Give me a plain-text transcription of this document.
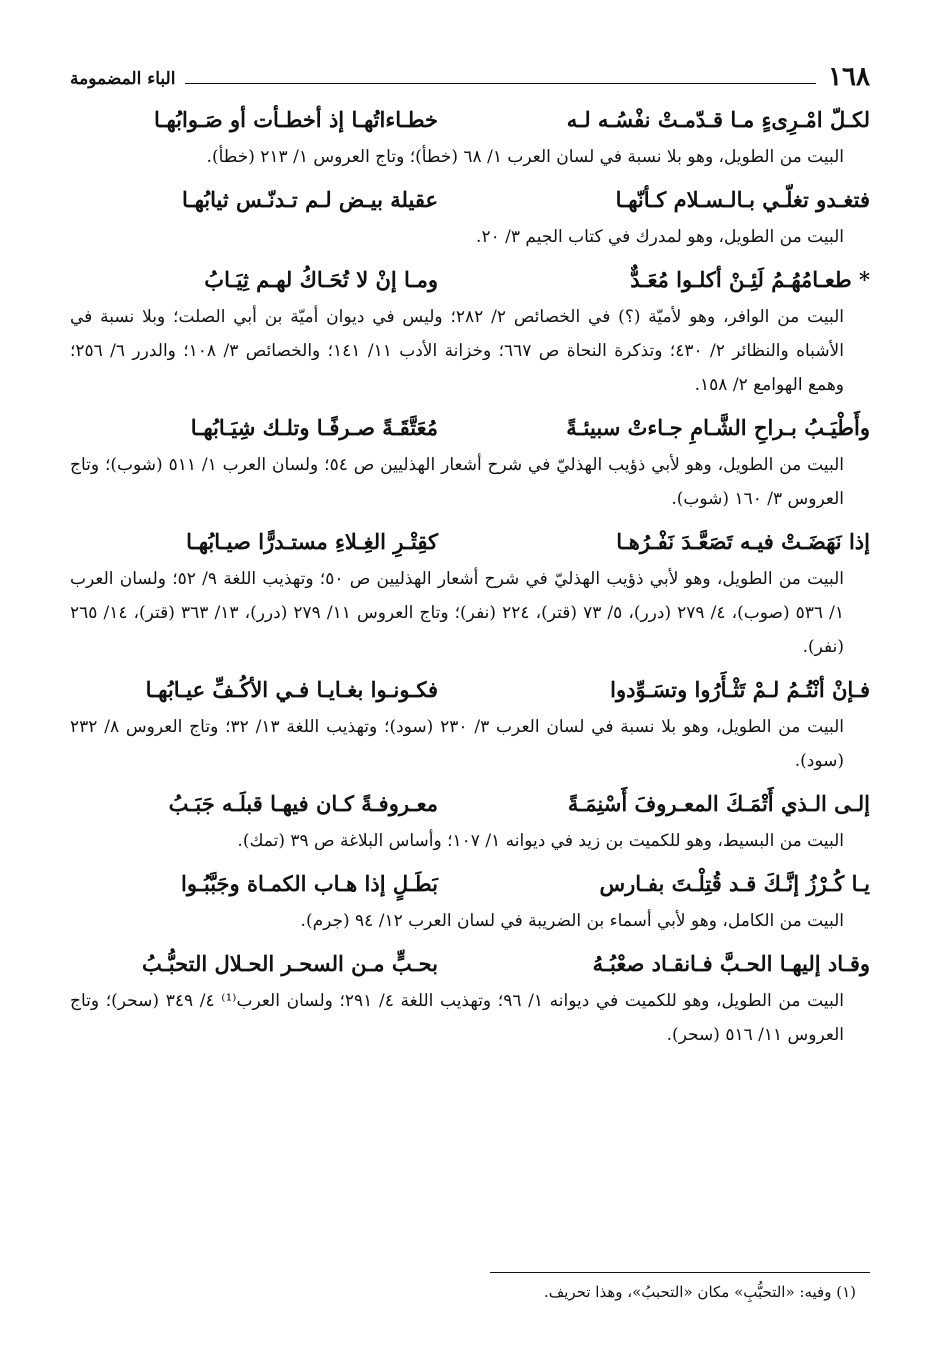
١٦٨
الباء المضمومة
لكـلّ امْـرِىءٍ مـا قـدّمـتْ نفْسُـه لـه
خطـاءاتُهـا إذ أخطـأت أو صَـوابُهـا
البيت من الطويل، وهو بلا نسبة في لسان العرب ١/ ٦٨ (خطأ)؛ وتاج العروس ١/ ٢١٣ (خطأ).
فتغـدو تغلّـي بـالـسـلام كـأنّهـا
عقيلة بيـض لـم تـدنّـس ثيابُهـا
البيت من الطويل، وهو لمدرك في كتاب الجيم ٣/ ٢٠.
* طعـامُهُـمُ لَئِـنْ أكلـوا مُعَـدٌّ
ومـا إنْ لا تُحَـاكُ لهـم ثِيَـابُ
البيت من الوافر، وهو لأميّة (؟) في الخصائص ٢/ ٢٨٢؛ وليس في ديوان أميّة بن أبي الصلت؛ وبلا نسبة في الأشباه والنظائر ٢/ ٤٣٠؛ وتذكرة النحاة ص ٦٦٧؛ وخزانة الأدب ١١/ ١٤١؛ والخصائص ٣/ ١٠٨؛ والدرر ٦/ ٢٥٦؛ وهمع الهوامع ٢/ ١٥٨.
وأَطْيَـبُ بـراحِ الشَّـامِ جـاءتْ سبيئـةً
مُعَتَّقَـةً صـرفًـا وتلـك شِيَـابُهـا
البيت من الطويل، وهو لأبي ذؤيب الهذليّ في شرح أشعار الهذليين ص ٥٤؛ ولسان العرب ١/ ٥١١ (شوب)؛ وتاج العروس ٣/ ١٦٠ (شوب).
إذا نَهَضَـتْ فيـه تَصَعَّـدَ نَفْـرُهـا
كقِتْـرِ الغِـلاءِ مستـدرًّا صيـابُهـا
البيت من الطويل، وهو لأبي ذؤيب الهذليّ في شرح أشعار الهذليين ص ٥٠؛ وتهذيب اللغة ٩/ ٥٢؛ ولسان العرب ١/ ٥٣٦ (صوب)، ٤/ ٢٧٩ (درر)، ٥/ ٧٣ (قتر)، ٢٢٤ (نفر)؛ وتاج العروس ١١/ ٢٧٩ (درر)، ١٣/ ٣٦٣ (قتر)، ١٤/ ٢٦٥ (نفر).
فـإنْ أنْتُـمُ لـمْ تَثْـأَرُوا وتسَـوِّدوا
فكـونـوا بغـايـا فـي الأكُـفِّ عيـابُهـا
البيت من الطويل، وهو بلا نسبة في لسان العرب ٣/ ٢٣٠ (سود)؛ وتهذيب اللغة ١٣/ ٣٢؛ وتاج العروس ٨/ ٢٣٢ (سود).
إلـى الـذي أَتْمَـكَ المعـروفَ أَسْنِمَـةً
معـروفـةً كـان فيهـا قبلَـه جَبَـبُ
البيت من البسيط، وهو للكميت بن زيد في ديوانه ١/ ١٠٧؛ وأساس البلاغة ص ٣٩ (تمك).
يـا كُـرْزُ إنَّـكَ قـد قُتِلْـتَ بفـارس
بَطَـلٍ إذا هـاب الكمـاة وجَبَّبُـوا
البيت من الكامل، وهو لأبي أسماء بن الضريبة في لسان العرب ١٢/ ٩٤ (جرم).
وقـاد إليهـا الحـبَّ فـانقـاد صعْبُـهُ
بحـبٍّ مـن السحـر الحـلال التحبُّـبُ
البيت من الطويل، وهو للكميت في ديوانه ١/ ٩٦؛ وتهذيب اللغة ٤/ ٢٩١؛ ولسان العرب⁽¹⁾ ٤/ ٣٤٩ (سحر)؛ وتاج العروس ١١/ ٥١٦ (سحر).
(١) وفيه: «التحبُّبِ» مكان «التحببُ»، وهذا تحريف.
